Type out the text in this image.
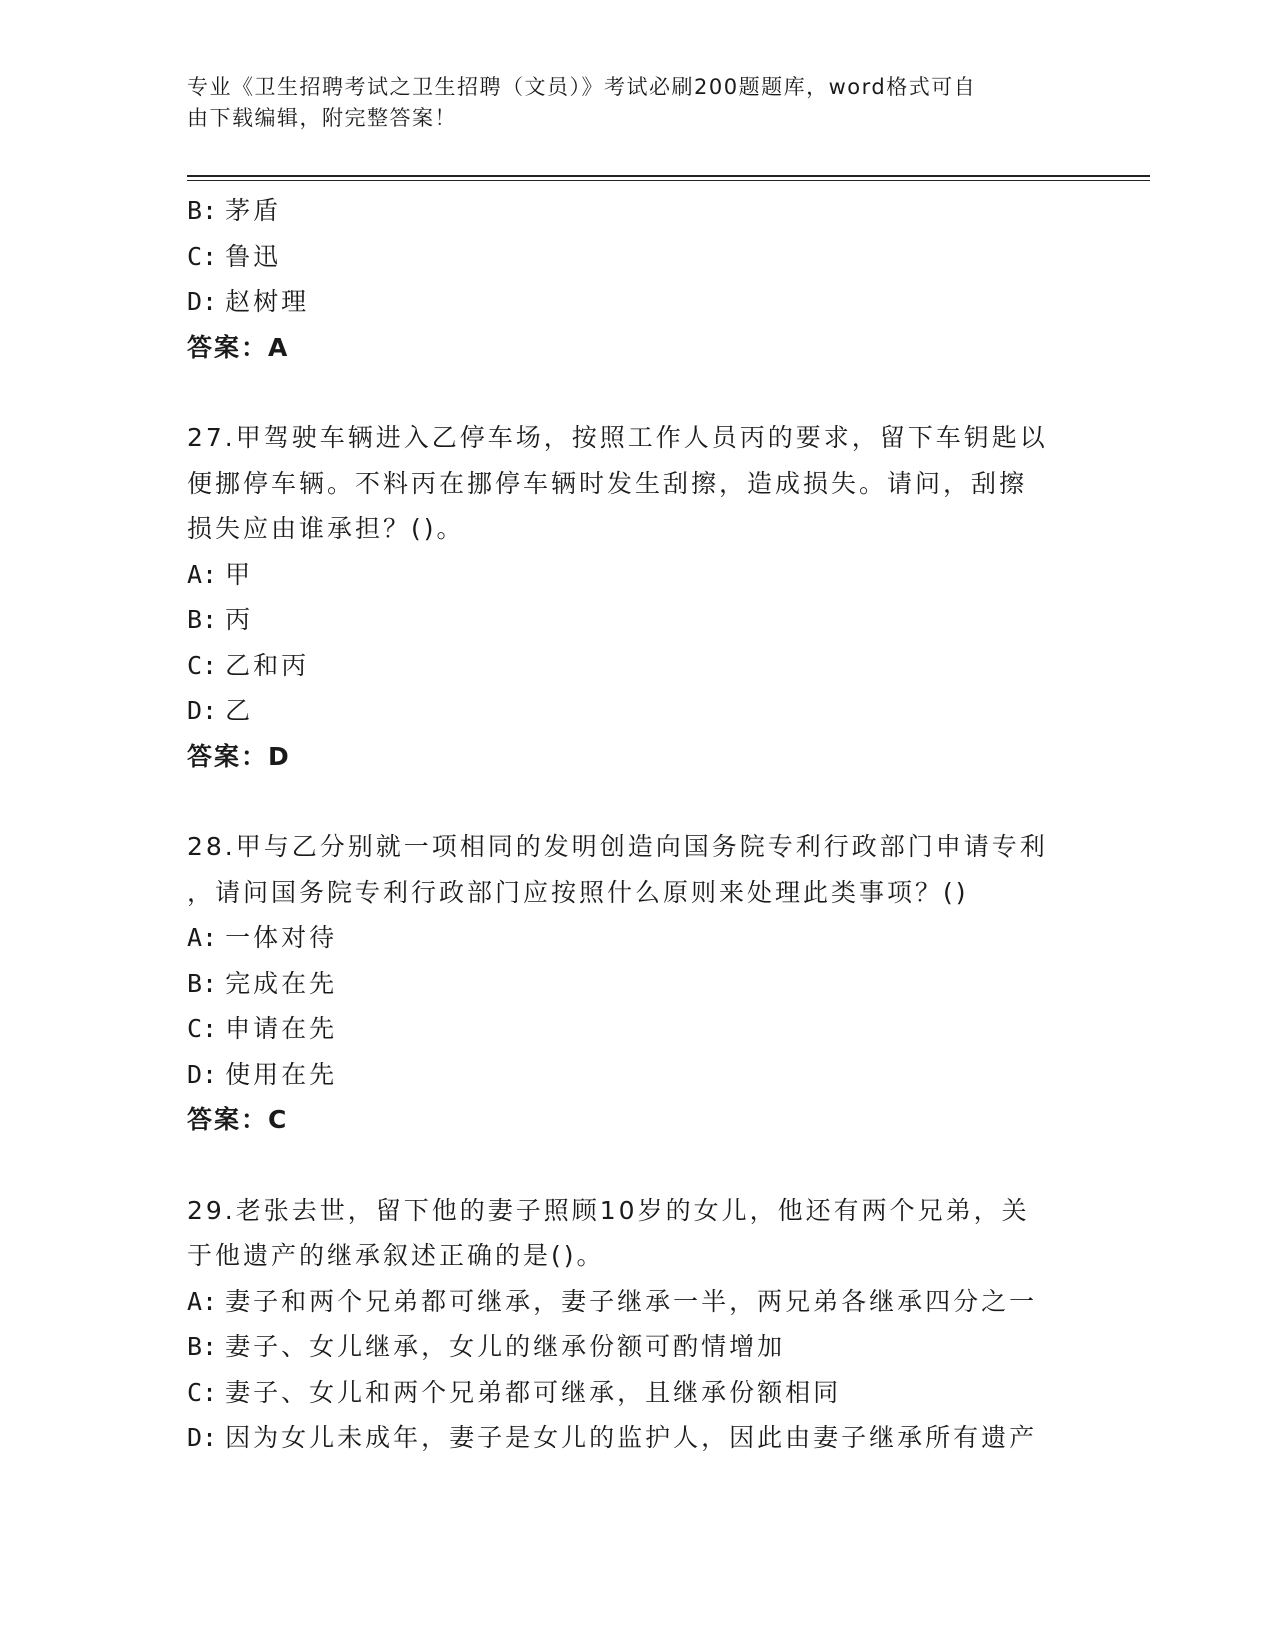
专业《卫生招聘考试之卫生招聘（文员）》考试必刷200题题库，word格式可自
由下载编辑，附完整答案！
B: 茅盾
C: 鲁迅
D: 赵树理
答案：A
27.甲驾驶车辆进入乙停车场，按照工作人员丙的要求，留下车钥匙以
便挪停车辆。不料丙在挪停车辆时发生刮擦，造成损失。请问，刮擦
损失应由谁承担？()。
A: 甲
B: 丙
C: 乙和丙
D: 乙
答案：D
28.甲与乙分别就一项相同的发明创造向国务院专利行政部门申请专利
，请问国务院专利行政部门应按照什么原则来处理此类事项？()
A: 一体对待
B: 完成在先
C: 申请在先
D: 使用在先
答案：C
29.老张去世，留下他的妻子照顾10岁的女儿，他还有两个兄弟，关
于他遗产的继承叙述正确的是()。
A: 妻子和两个兄弟都可继承，妻子继承一半，两兄弟各继承四分之一
B: 妻子、女儿继承，女儿的继承份额可酌情增加
C: 妻子、女儿和两个兄弟都可继承，且继承份额相同
D: 因为女儿未成年，妻子是女儿的监护人，因此由妻子继承所有遗产
